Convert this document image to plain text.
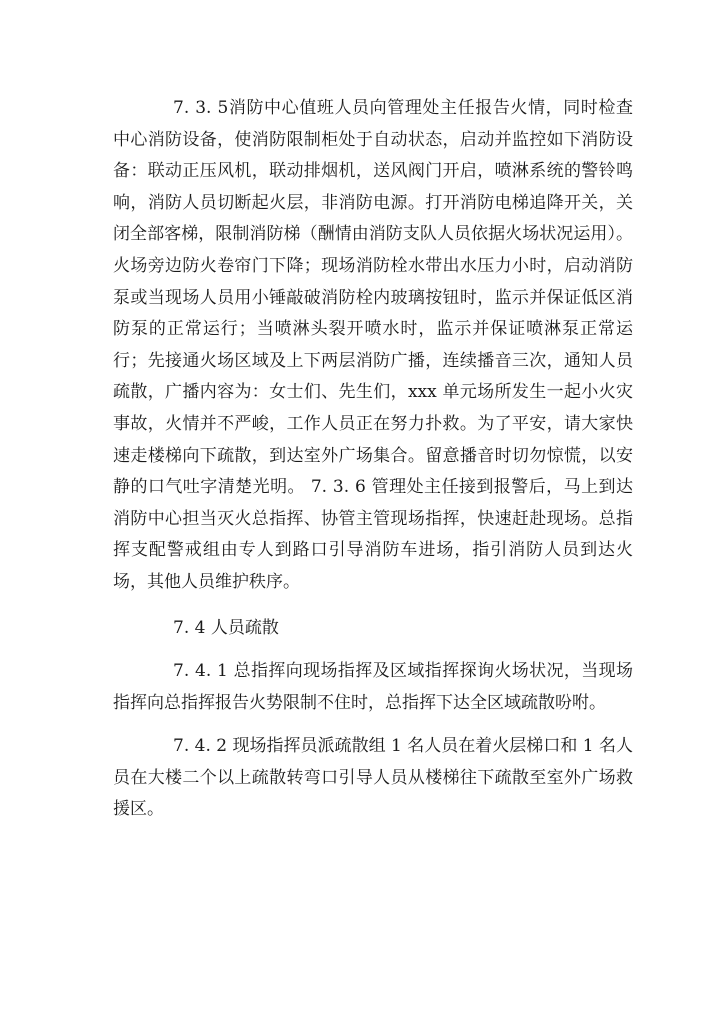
7. 3. 5消防中心值班人员向管理处主任报告火情，同时检查中心消防设备，使消防限制柜处于自动状态，启动并监控如下消防设备：联动正压风机，联动排烟机，送风阀门开启，喷淋系统的警铃鸣响，消防人员切断起火层，非消防电源。打开消防电梯追降开关，关闭全部客梯，限制消防梯（酬情由消防支队人员依据火场状况运用）。火场旁边防火卷帘门下降；现场消防栓水带出水压力小时，启动消防泵或当现场人员用小锤敲破消防栓内玻璃按钮时，监示并保证低区消防泵的正常运行；当喷淋头裂开喷水时，监示并保证喷淋泵正常运行；先接通火场区域及上下两层消防广播，连续播音三次，通知人员疏散，广播内容为：女士们、先生们，xxx 单元场所发生一起小火灾事故，火情并不严峻，工作人员正在努力扑救。为了平安，请大家快速走楼梯向下疏散，到达室外广场集合。留意播音时切勿惊慌，以安静的口气吐字清楚光明。 7. 3. 6 管理处主任接到报警后，马上到达消防中心担当灭火总指挥、协管主管现场指挥，快速赶赴现场。总指挥支配警戒组由专人到路口引导消防车进场，指引消防人员到达火场，其他人员维护秩序。

7. 4 人员疏散

7. 4. 1 总指挥向现场指挥及区域指挥探询火场状况，当现场指挥向总指挥报告火势限制不住时，总指挥下达全区域疏散吩咐。

7. 4. 2 现场指挥员派疏散组 1 名人员在着火层梯口和 1 名人员在大楼二个以上疏散转弯口引导人员从楼梯往下疏散至室外广场救援区。
